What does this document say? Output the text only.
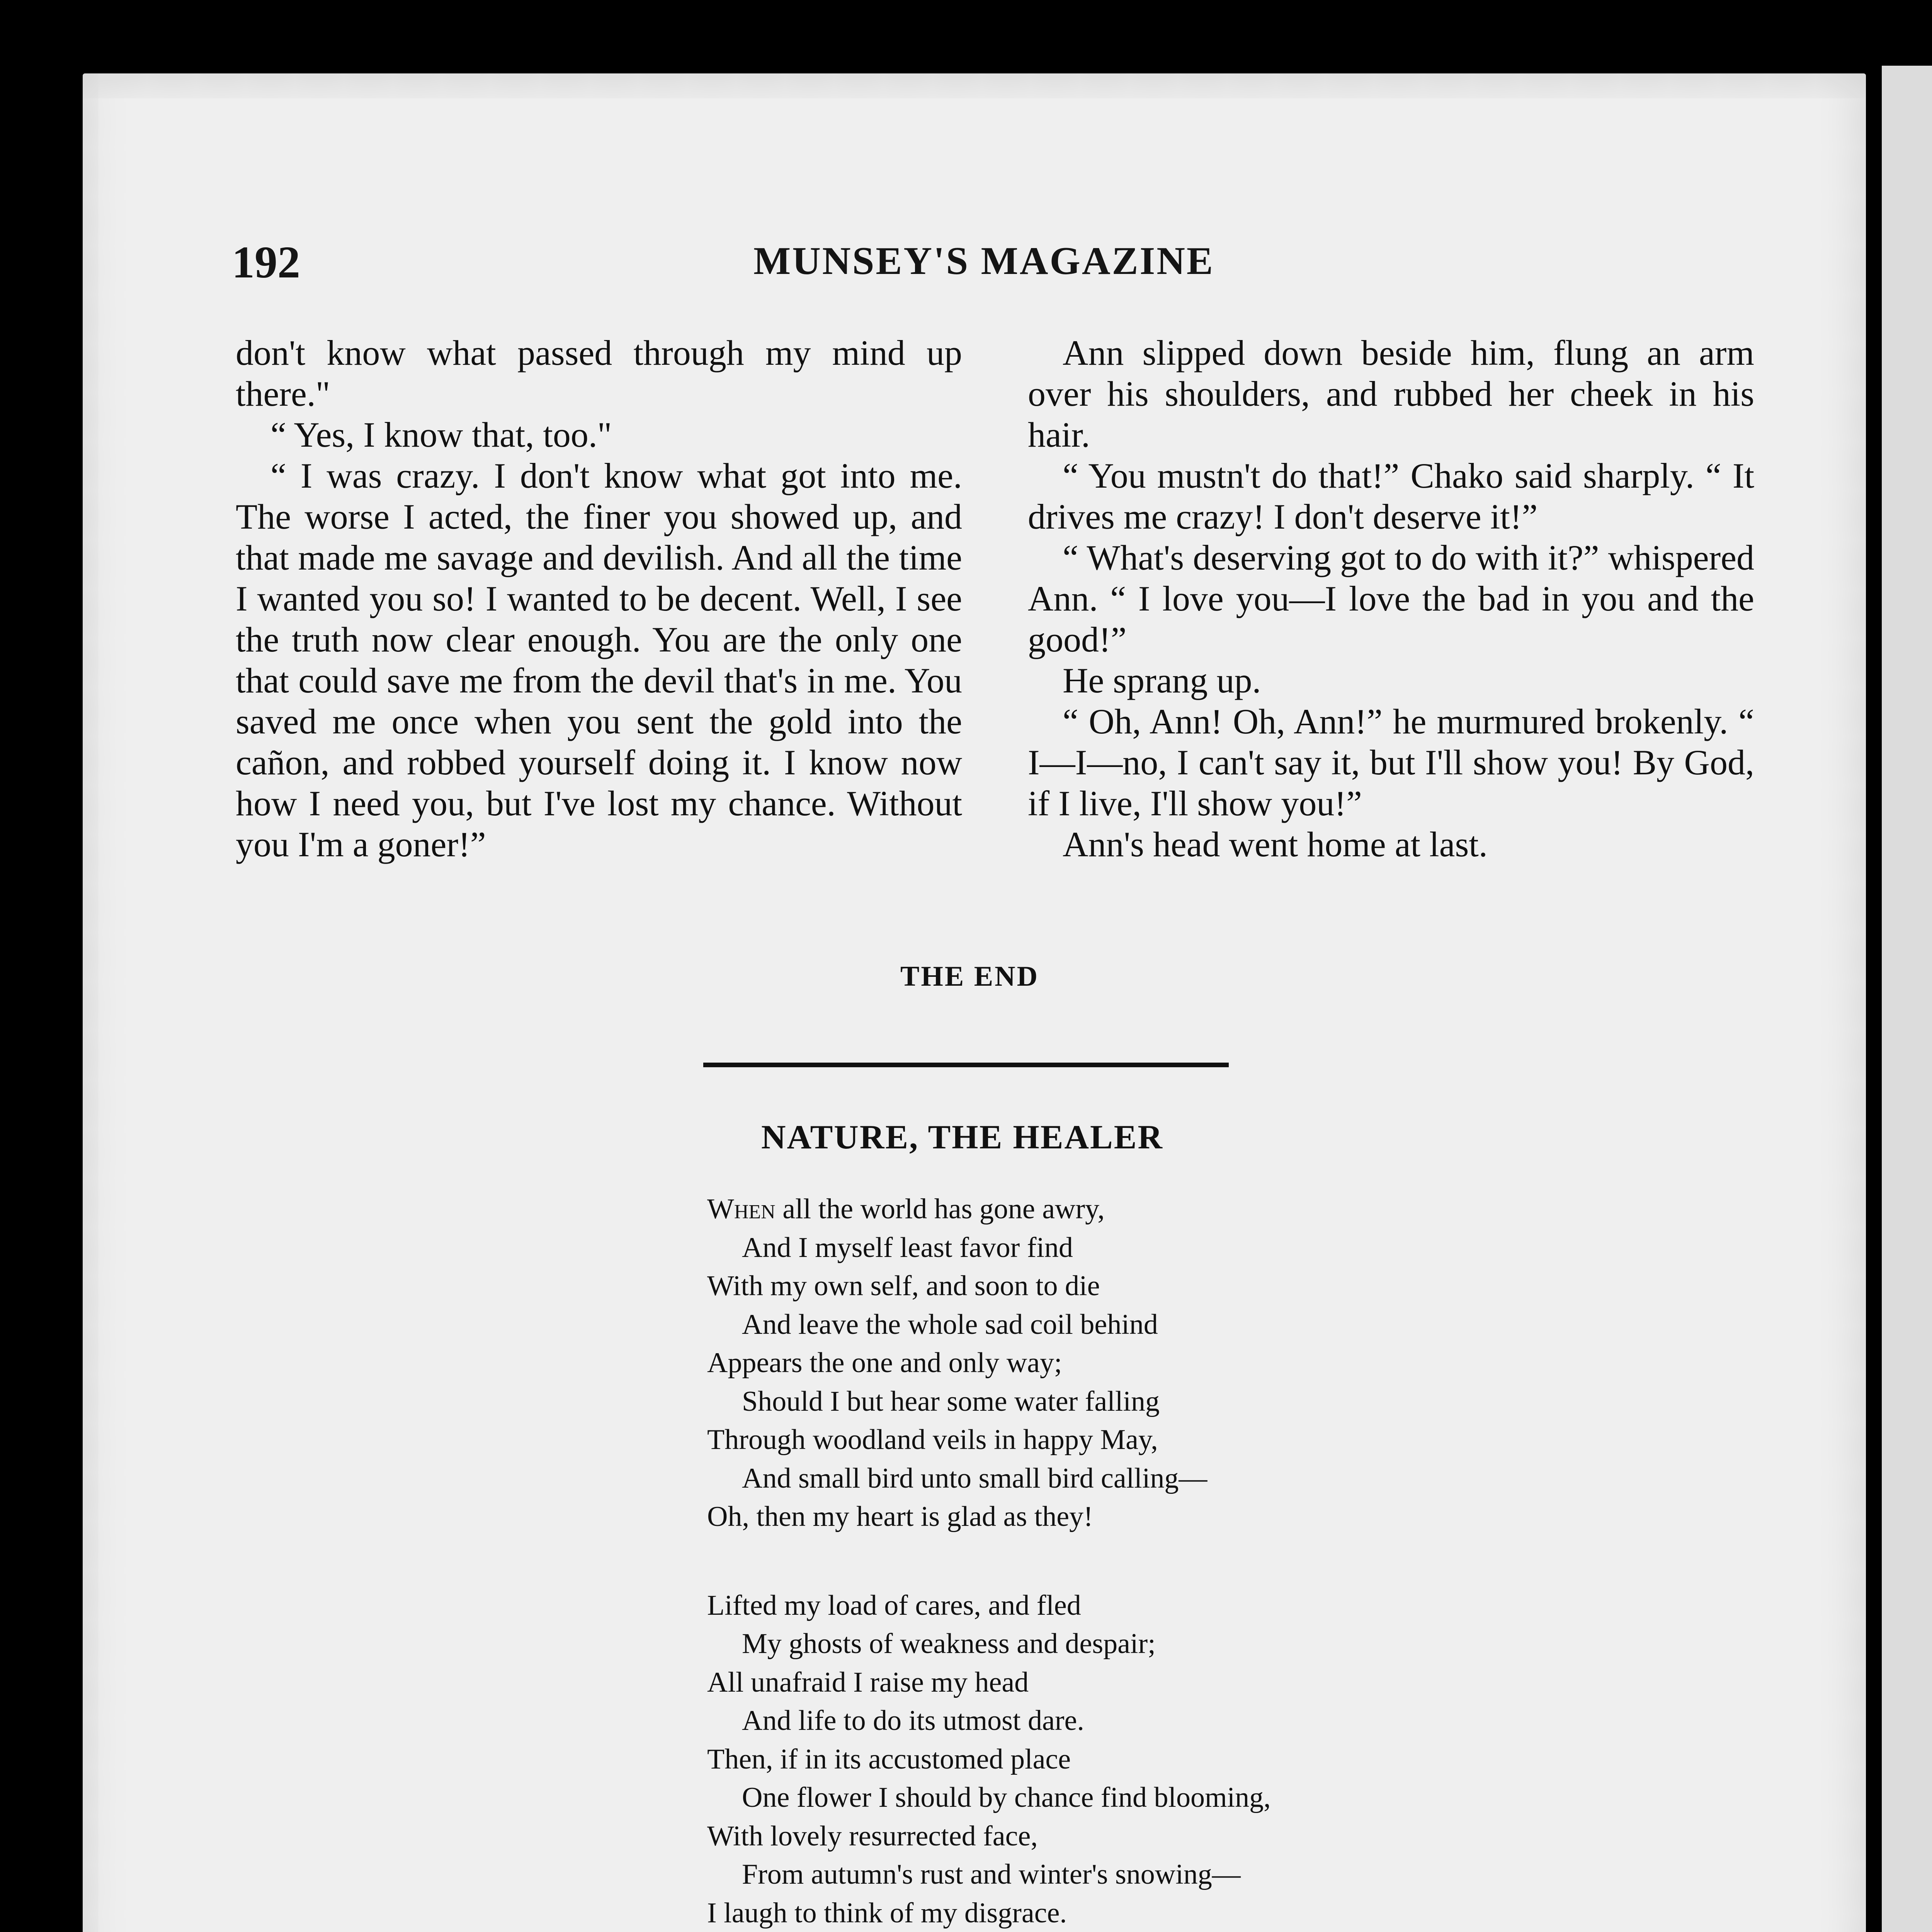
192	MUNSEY'S MAGAZINE

don't know what passed through my mind up there."

“ Yes, I know that, too."

“ I was crazy. I don't know what got into me. The worse I acted, the finer you showed up, and that made me savage and devilish. And all the time I wanted you so! I wanted to be decent. Well, I see the truth now clear enough. You are the only one that could save me from the devil that's in me. You saved me once when you sent the gold into the cañon, and robbed yourself doing it. I know now how I need you, but I've lost my chance. Without you I'm a goner!”

Ann slipped down beside him, flung an arm over his shoulders, and rubbed her cheek in his hair.

“ You mustn't do that!” Chako said sharply. “ It drives me crazy! I don't deserve it!”

“ What's deserving got to do with it?” whispered Ann. “ I love you—I love the bad in you and the good!”

He sprang up.

“ Oh, Ann! Oh, Ann!” he murmured brokenly. “ I—I—no, I can't say it, but I'll show you! By God, if I live, I'll show you!”

Ann's head went home at last.

THE END

NATURE, THE HEALER
When all the world has gone awry,
And I myself least favor find
With my own self, and soon to die
And leave the whole sad coil behind
Appears the one and only way;
Should I but hear some water falling
Through woodland veils in happy May,
And small bird unto small bird calling—
Oh, then my heart is glad as they!
Lifted my load of cares, and fled
My ghosts of weakness and despair;
All unafraid I raise my head
And life to do its utmost dare.
Then, if in its accustomed place
One flower I should by chance find blooming,
With lovely resurrected face,
From autumn's rust and winter's snowing—
I laugh to think of my disgrace.
